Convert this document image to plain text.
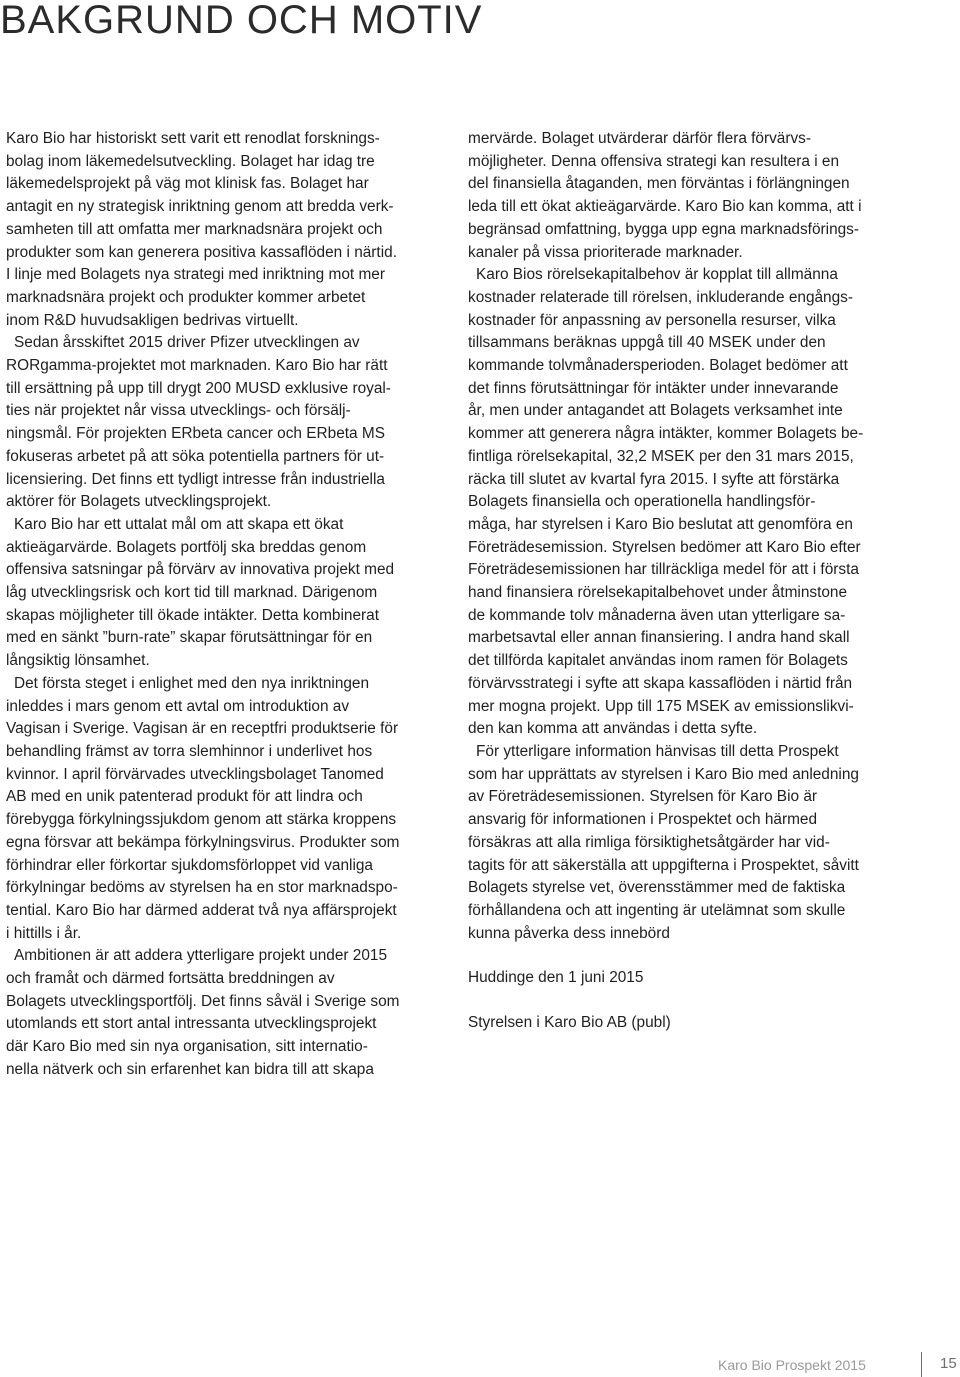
BAKGRUND OCH MOTIV

Karo Bio har historiskt sett varit ett renodlat forsknings-
bolag inom läkemedelsutveckling. Bolaget har idag tre
läkemedelsprojekt på väg mot klinisk fas. Bolaget har
antagit en ny strategisk inriktning genom att bredda verk-
samheten till att omfatta mer marknadsnära projekt och
produkter som kan generera positiva kassaflöden i närtid.
I linje med Bolagets nya strategi med inriktning mot mer
marknadsnära projekt och produkter kommer arbetet
inom R&D huvudsakligen bedrivas virtuellt.

Sedan årsskiftet 2015 driver Pfizer utvecklingen av
RORgamma-projektet mot marknaden. Karo Bio har rätt
till ersättning på upp till drygt 200 MUSD exklusive royal-
ties när projektet når vissa utvecklings- och försälj-
ningsmål. För projekten ERbeta cancer och ERbeta MS
fokuseras arbetet på att söka potentiella partners för ut-
licensiering. Det finns ett tydligt intresse från industriella
aktörer för Bolagets utvecklingsprojekt.

Karo Bio har ett uttalat mål om att skapa ett ökat
aktieägarvärde. Bolagets portfölj ska breddas genom
offensiva satsningar på förvärv av innovativa projekt med
låg utvecklingsrisk och kort tid till marknad. Därigenom
skapas möjligheter till ökade intäkter. Detta kombinerat
med en sänkt ”burn-rate” skapar förutsättningar för en
långsiktig lönsamhet.

Det första steget i enlighet med den nya inriktningen
inleddes i mars genom ett avtal om introduktion av
Vagisan i Sverige. Vagisan är en receptfri produktserie för
behandling främst av torra slemhinnor i underlivet hos
kvinnor. I april förvärvades utvecklingsbolaget Tanomed
AB med en unik patenterad produkt för att lindra och
förebygga förkylningssjukdom genom att stärka kroppens
egna försvar att bekämpa förkylningsvirus. Produkter som
förhindrar eller förkortar sjukdomsförloppet vid vanliga
förkylningar bedöms av styrelsen ha en stor marknadspo-
tential. Karo Bio har därmed adderat två nya affärsprojekt
i hittills i år.

Ambitionen är att addera ytterligare projekt under 2015
och framåt och därmed fortsätta breddningen av
Bolagets utvecklingsportfölj. Det finns såväl i Sverige som
utomlands ett stort antal intressanta utvecklingsprojekt
där Karo Bio med sin nya organisation, sitt internatio-
nella nätverk och sin erfarenhet kan bidra till att skapa

mervärde. Bolaget utvärderar därför flera förvärvs-
möjligheter. Denna offensiva strategi kan resultera i en
del finansiella åtaganden, men förväntas i förlängningen
leda till ett ökat aktieägarvärde. Karo Bio kan komma, att i
begränsad omfattning, bygga upp egna marknadsförings-
kanaler på vissa prioriterade marknader.

Karo Bios rörelsekapitalbehov är kopplat till allmänna
kostnader relaterade till rörelsen, inkluderande engångs-
kostnader för anpassning av personella resurser, vilka
tillsammans beräknas uppgå till 40 MSEK under den
kommande tolvmånadersperioden. Bolaget bedömer att
det finns förutsättningar för intäkter under innevarande
år, men under antagandet att Bolagets verksamhet inte
kommer att generera några intäkter, kommer Bolagets be-
fintliga rörelsekapital, 32,2 MSEK per den 31 mars 2015,
räcka till slutet av kvartal fyra 2015. I syfte att förstärka
Bolagets finansiella och operationella handlingsför-
måga, har styrelsen i Karo Bio beslutat att genomföra en
Företrädesemission. Styrelsen bedömer att Karo Bio efter
Företrädesemissionen har tillräckliga medel för att i första
hand finansiera rörelsekapitalbehovet under åtminstone
de kommande tolv månaderna även utan ytterligare sa-
marbetsavtal eller annan finansiering. I andra hand skall
det tillförda kapitalet användas inom ramen för Bolagets
förvärvsstrategi i syfte att skapa kassaflöden i närtid från
mer mogna projekt. Upp till 175 MSEK av emissionslikvi-
den kan komma att användas i detta syfte.

För ytterligare information hänvisas till detta Prospekt
som har upprättats av styrelsen i Karo Bio med anledning
av Företrädesemissionen. Styrelsen för Karo Bio är
ansvarig för informationen i Prospektet och härmed
försäkras att alla rimliga försiktighetsåtgärder har vid-
tagits för att säkerställa att uppgifterna i Prospektet, såvitt
Bolagets styrelse vet, överensstämmer med de faktiska
förhållandena och att ingenting är utelämnat som skulle
kunna påverka dess innebörd

Huddinge den 1 juni 2015

Styrelsen i Karo Bio AB (publ)

Karo Bio Prospekt 2015	15
